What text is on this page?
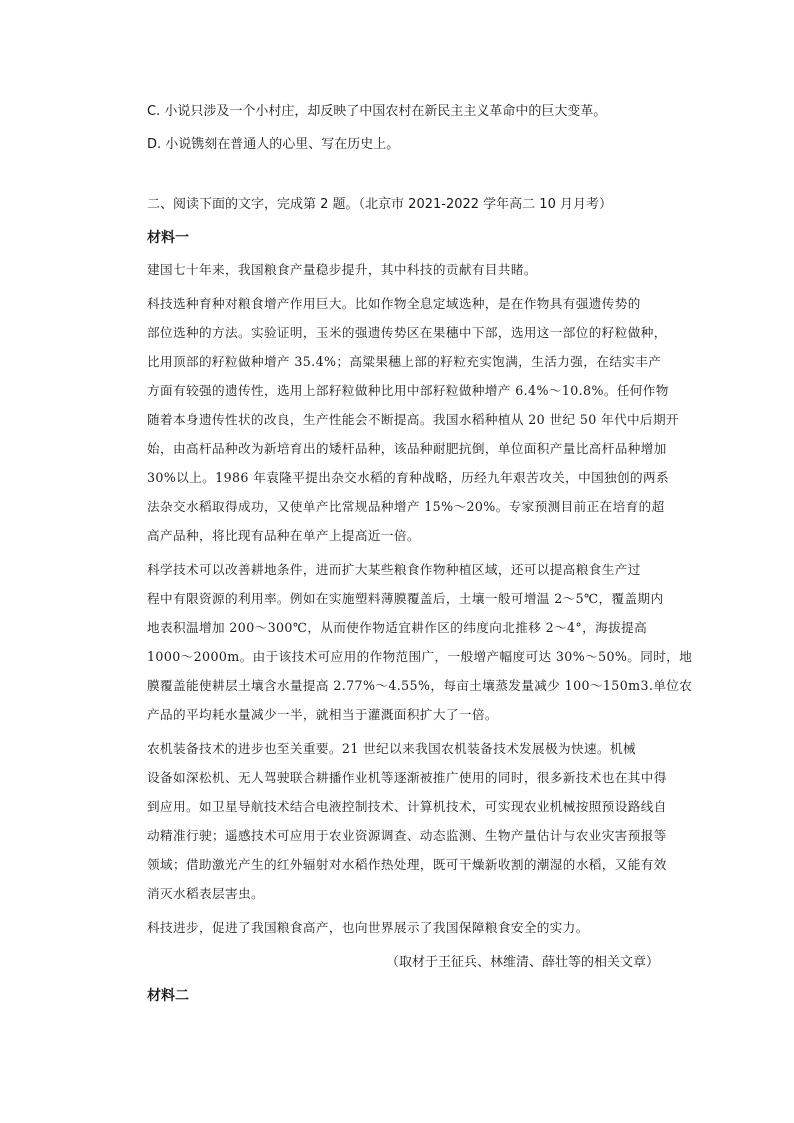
C. 小说只涉及一个小村庄，却反映了中国农村在新民主主义革命中的巨大变革。
D. 小说镌刻在普通人的心里、写在历史上。
二、阅读下面的文字，完成第 2 题。（北京市 2021-2022 学年高二 10 月月考）
材料一
建国七十年来，我国粮食产量稳步提升，其中科技的贡献有目共睹。
科技选种育种对粮食增产作用巨大。比如作物全息定域选种，是在作物具有强遗传势的
部位选种的方法。实验证明，玉米的强遗传势区在果穗中下部，选用这一部位的籽粒做种，
比用顶部的籽粒做种增产 35.4%；高粱果穗上部的籽粒充实饱满，生活力强，在结实丰产
方面有较强的遗传性，选用上部籽粒做种比用中部籽粒做种增产 6.4%～10.8%。任何作物
随着本身遗传性状的改良，生产性能会不断提高。我国水稻种植从 20 世纪 50 年代中后期开
始，由高杆品种改为新培育出的矮杆品种，该品种耐肥抗倒，单位面积产量比高杆品种增加
30%以上。1986 年袁隆平提出杂交水稻的育种战略，历经九年艰苦攻关，中国独创的两系
法杂交水稻取得成功，又使单产比常规品种增产 15%～20%。专家预测目前正在培育的超
高产品种，将比现有品种在单产上提高近一倍。
科学技术可以改善耕地条件，进而扩大某些粮食作物种植区域，还可以提高粮食生产过
程中有限资源的利用率。例如在实施塑料薄膜覆盖后，土壤一般可增温 2～5℃，覆盖期内
地表积温增加 200～300℃，从而使作物适宜耕作区的纬度向北推移 2～4°，海拔提高
1000～2000m。由于该技术可应用的作物范围广，一般增产幅度可达 30%～50%。同时，地
膜覆盖能使耕层土壤含水量提高 2.77%～4.55%，每亩土壤蒸发量减少 100～150m3.单位农
产品的平均耗水量减少一半，就相当于灌溉面积扩大了一倍。
农机装备技术的进步也至关重要。21 世纪以来我国农机装备技术发展极为快速。机械
设备如深松机、无人驾驶联合耕播作业机等逐渐被推广使用的同时，很多新技术也在其中得
到应用。如卫星导航技术结合电液控制技术、计算机技术，可实现农业机械按照预设路线自
动精准行驶；遥感技术可应用于农业资源调查、动态监测、生物产量估计与农业灾害预报等
领域；借助激光产生的红外辐射对水稻作热处理，既可干燥新收割的潮湿的水稻，又能有效
消灭水稻表层害虫。
科技进步，促进了我国粮食高产，也向世界展示了我国保障粮食安全的实力。
（取材于王征兵、林维清、薛壮等的相关文章）
材料二
